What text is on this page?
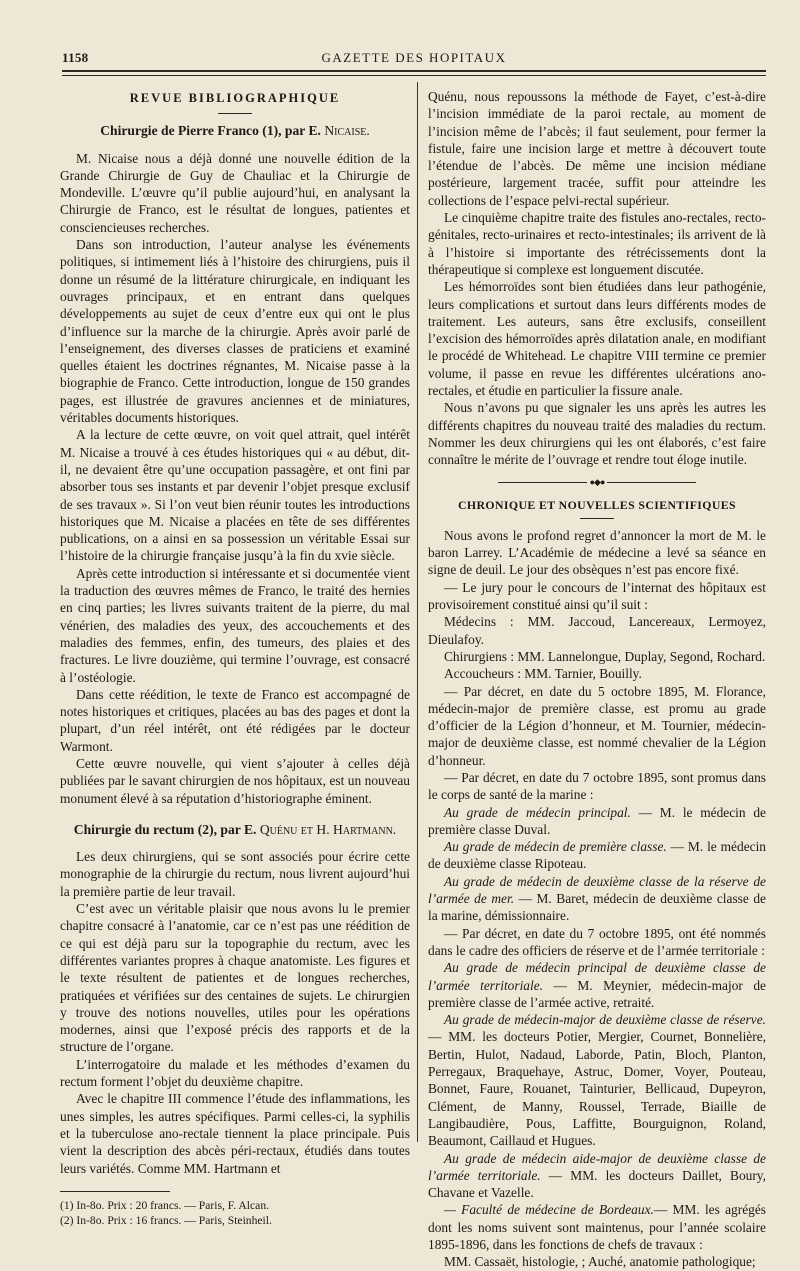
1158	GAZETTE DES HOPITAUX
REVUE BIBLIOGRAPHIQUE
Chirurgie de Pierre Franco (1), par E. Nicaise.

M. Nicaise nous a déjà donné une nouvelle édition de la Grande Chirurgie de Guy de Chauliac et la Chirurgie de Mondeville. L’œuvre qu’il publie aujourd’hui, en analysant la Chirurgie de Franco, est le résultat de longues, patientes et consciencieuses recherches.

Dans son introduction, l’auteur analyse les événements politiques, si intimement liés à l’histoire des chirurgiens, puis il donne un résumé de la littérature chirurgicale, en indiquant les ouvrages principaux, et en entrant dans quelques développements au sujet de ceux d’entre eux qui ont le plus d’influence sur la marche de la chirurgie. Après avoir parlé de l’enseignement, des diverses classes de praticiens et examiné quelles étaient les doctrines régnantes, M. Nicaise passe à la biographie de Franco. Cette introduction, longue de 150 grandes pages, est illustrée de gravures anciennes et de miniatures, véritables documents historiques.

A la lecture de cette œuvre, on voit quel attrait, quel intérêt M. Nicaise a trouvé à ces études historiques qui « au début, dit-il, ne devaient être qu’une occupation passagère, et ont fini par absorber tous ses instants et par devenir l’objet presque exclusif de ses travaux ». Si l’on veut bien réunir toutes les introductions historiques que M. Nicaise a placées en tête de ses différentes publications, on a ainsi en sa possession un véritable Essai sur l’histoire de la chirurgie française jusqu’à la fin du xvie siècle.

Après cette introduction si intéressante et si documentée vient la traduction des œuvres mêmes de Franco, le traité des hernies en cinq parties; les livres suivants traitent de la pierre, du mal vénérien, des maladies des yeux, des accouchements et des maladies des femmes, enfin, des tumeurs, des plaies et des fractures. Le livre douzième, qui termine l’ouvrage, est consacré à l’ostéologie.

Dans cette réédition, le texte de Franco est accompagné de notes historiques et critiques, placées au bas des pages et dont la plupart, d’un réel intérêt, ont été rédigées par le docteur Warmont.

Cette œuvre nouvelle, qui vient s’ajouter à celles déjà publiées par le savant chirurgien de nos hôpitaux, est un nouveau monument élevé à sa réputation d’historiographe éminent.

Chirurgie du rectum (2), par E. Quénu et H. Hartmann.

Les deux chirurgiens, qui se sont associés pour écrire cette monographie de la chirurgie du rectum, nous livrent aujourd’hui la première partie de leur travail.

C’est avec un véritable plaisir que nous avons lu le premier chapitre consacré à l’anatomie, car ce n’est pas une réédition de ce qui est déjà paru sur la topographie du rectum, avec les différentes variantes propres à chaque anatomiste. Les figures et le texte résultent de patientes et de longues recherches, pratiquées et vérifiées sur des centaines de sujets. Le chirurgien y trouve des notions nouvelles, utiles pour les opérations modernes, ainsi que l’exposé précis des rapports et de la structure de l’organe.

L’interrogatoire du malade et les méthodes d’examen du rectum forment l’objet du deuxième chapitre.

Avec le chapitre III commence l’étude des inflammations, les unes simples, les autres spécifiques. Parmi celles-ci, la syphilis et la tuberculose ano-rectale tiennent la place principale. Puis vient la description des abcès péri-rectaux, étudiés dans toutes leurs variétés. Comme MM. Hartmann et

(1) In-8o. Prix : 20 francs. — Paris, F. Alcan.

(2) In-8o. Prix : 16 francs. — Paris, Steinheil.

Quénu, nous repoussons la méthode de Fayet, c’est-à-dire l’incision immédiate de la paroi rectale, au moment de l’incision même de l’abcès; il faut seulement, pour fermer la fistule, faire une incision large et mettre à découvert toute l’étendue de l’abcès. De même une incision médiane postérieure, largement tracée, suffit pour atteindre les collections de l’espace pelvi-rectal supérieur.

Le cinquième chapitre traite des fistules ano-rectales, recto-génitales, recto-urinaires et recto-intestinales; ils arrivent de là à l’histoire si importante des rétrécissements dont la thérapeutique si complexe est longuement discutée.

Les hémorroïdes sont bien étudiées dans leur pathogénie, leurs complications et surtout dans leurs différents modes de traitement. Les auteurs, sans être exclusifs, conseillent l’excision des hémorroïdes après dilatation anale, en modifiant le procédé de Whitehead. Le chapitre VIII termine ce premier volume, il passe en revue les différentes ulcérations ano-rectales, et étudie en particulier la fissure anale.

Nous n’avons pu que signaler les uns après les autres les différents chapitres du nouveau traité des maladies du rectum. Nommer les deux chirurgiens qui les ont élaborés, c’est faire connaître le mérite de l’ouvrage et rendre tout éloge inutile.

●◆●
CHRONIQUE ET NOUVELLES SCIENTIFIQUES

Nous avons le profond regret d’annoncer la mort de M. le baron Larrey. L’Académie de médecine a levé sa séance en signe de deuil. Le jour des obsèques n’est pas encore fixé.

— Le jury pour le concours de l’internat des hôpitaux est provisoirement constitué ainsi qu’il suit :

Médecins : MM. Jaccoud, Lancereaux, Lermoyez, Dieulafoy.

Chirurgiens : MM. Lannelongue, Duplay, Segond, Rochard.

Accoucheurs : MM. Tarnier, Bouilly.

— Par décret, en date du 5 octobre 1895, M. Florance, médecin-major de première classe, est promu au grade d’officier de la Légion d’honneur, et M. Tournier, médecin-major de deuxième classe, est nommé chevalier de la Légion d’honneur.

— Par décret, en date du 7 octobre 1895, sont promus dans le corps de santé de la marine :

Au grade de médecin principal. — M. le médecin de première classe Duval.

Au grade de médecin de première classe. — M. le médecin de deuxième classe Ripoteau.

Au grade de médecin de deuxième classe de la réserve de l’armée de mer. — M. Baret, médecin de deuxième classe de la marine, démissionnaire.

— Par décret, en date du 7 octobre 1895, ont été nommés dans le cadre des officiers de réserve et de l’armée territoriale :

Au grade de médecin principal de deuxième classe de l’armée territoriale. — M. Meynier, médecin-major de première classe de l’armée active, retraité.

Au grade de médecin-major de deuxième classe de réserve. — MM. les docteurs Potier, Mergier, Cournet, Bonnelière, Bertin, Hulot, Nadaud, Laborde, Patin, Bloch, Planton, Perregaux, Braquehaye, Astruc, Domer, Voyer, Pouteau, Bonnet, Faure, Rouanet, Tainturier, Bellicaud, Dupeyron, Clément, de Manny, Roussel, Terrade, Biaille de Langibaudière, Pous, Laffitte, Bourguignon, Roland, Beaumont, Caillaud et Hugues.

Au grade de médecin aide-major de deuxième classe de l’armée territoriale. — MM. les docteurs Daillet, Boury, Chavane et Vazelle.

— Faculté de médecine de Bordeaux.— MM. les agrégés dont les noms suivent sont maintenus, pour l’année scolaire 1895-1896, dans les fonctions de chefs de travaux :

MM. Cassaët, histologie, ; Auché, anatomie pathologique;
